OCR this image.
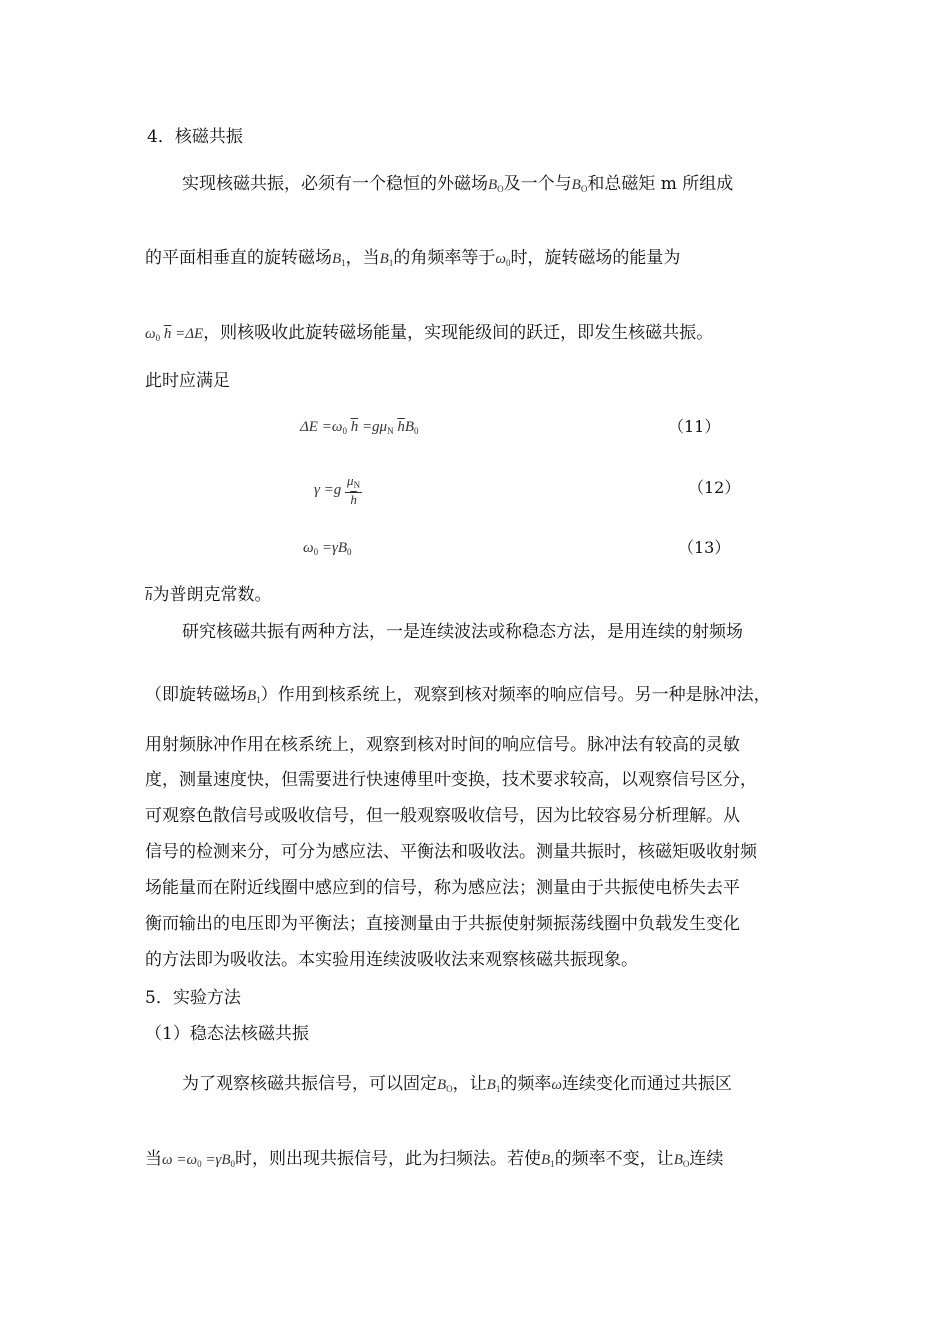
4．核磁共振
实现核磁共振，必须有一个稳恒的外磁场$B_O$及一个与$B_O$和总磁矩 m 所组成
的平面相垂直的旋转磁场$B_1$，当$B_1$的角频率等于$\omega_0$时，旋转磁场的能量为
$\omega_0$ $\overline{h} =\Delta E$，则核吸收此旋转磁场能量，实现能级间的跃迁，即发生核磁共振。
此时应满足
$\Delta E =\omega_0$ $\overline{h} =g\mu_N$ $\overline{h}B_0$	（11）
$\gamma =g \frac{\mu_N}{h}$	（12）
$\omega_0 =\gamma B_0$	（13）
$\overline{h}$为普朗克常数。
研究核磁共振有两种方法，一是连续波法或称稳态方法，是用连续的射频场
（即旋转磁场$B_1$）作用到核系统上，观察到核对频率的响应信号。另一种是脉冲法，
用射频脉冲作用在核系统上，观察到核对时间的响应信号。脉冲法有较高的灵敏
度，测量速度快，但需要进行快速傅里叶变换，技术要求较高，以观察信号区分，
可观察色散信号或吸收信号，但一般观察吸收信号，因为比较容易分析理解。从
信号的检测来分，可分为感应法、平衡法和吸收法。测量共振时，核磁矩吸收射频
场能量而在附近线圈中感应到的信号，称为感应法；测量由于共振使电桥失去平
衡而输出的电压即为平衡法；直接测量由于共振使射频振荡线圈中负载发生变化
的方法即为吸收法。本实验用连续波吸收法来观察核磁共振现象。
5．实验方法
（1）稳态法核磁共振
为了观察核磁共振信号，可以固定$B_O$，让$B_1$的频率ω连续变化而通过共振区
当$\omega =\omega_0 =\gamma B_0$时，则出现共振信号，此为扫频法。若使$B_1$的频率不变，让$B_O$连续
